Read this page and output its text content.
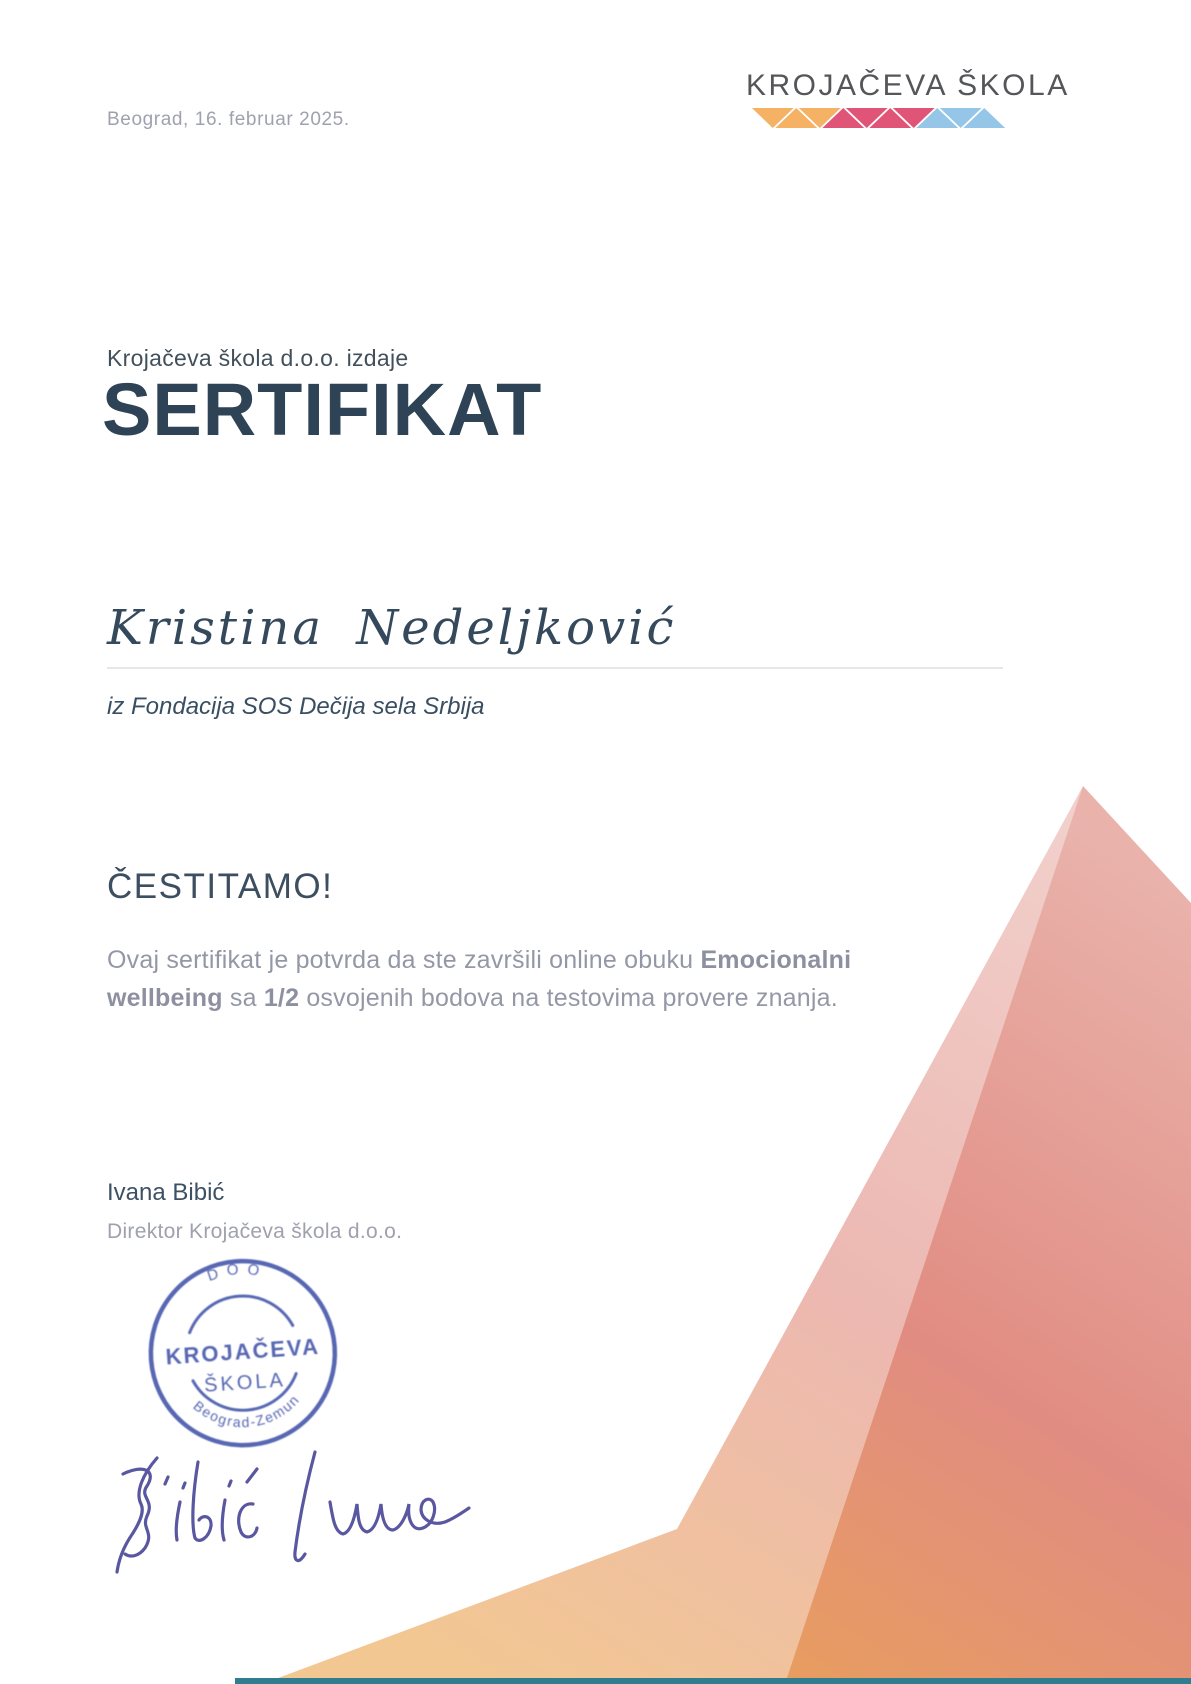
Beograd, 16. februar 2025.
KROJAČEVA ŠKOLA
Krojačeva škola d.o.o. izdaje
SERTIFIKAT
Kristina Nedeljković
iz Fondacija SOS Dečija sela Srbija
ČESTITAMO!
Ovaj sertifikat je potvrda da ste završili online obuku Emocionalni wellbeing sa 1/2 osvojenih bodova na testovima provere znanja.
Ivana Bibić
Direktor Krojačeva škola d.o.o.
DOO
KROJAČEVA
ŠKOLA
Beograd-Zemun
